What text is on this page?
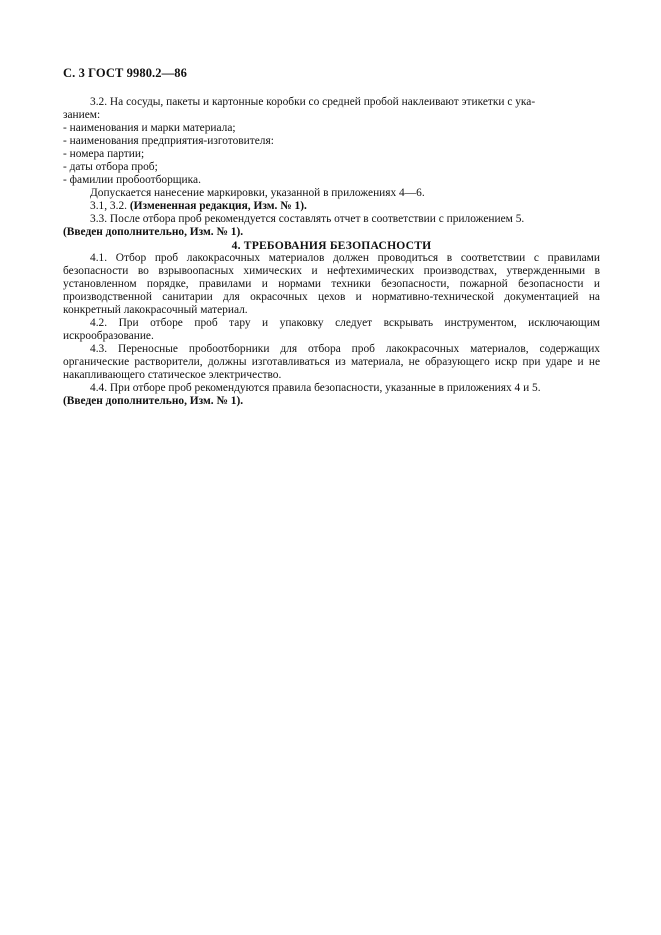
С. 3 ГОСТ 9980.2—86

3.2. На сосуды, пакеты и картонные коробки со средней пробой наклеивают этикетки с ука-

занием:

- наименования и марки материала;

- наименования предприятия-изготовителя:

- номера партии;

- даты отбора проб;

- фамилии пробоотборщика.

Допускается нанесение маркировки, указанной в приложениях 4—6.

3.1, 3.2. (Измененная редакция, Изм. № 1).

3.3. После отбора проб рекомендуется составлять отчет в соответствии с приложением 5.

(Введен дополнительно, Изм. № 1).

4. ТРЕБОВАНИЯ БЕЗОПАСНОСТИ

4.1. Отбор проб лакокрасочных материалов должен проводиться в соответствии с правилами безопасности во взрывоопасных химических и нефтехимических производствах, утвержденными в установленном порядке, правилами и нормами техники безопасности, пожарной безопасности и производственной санитарии для окрасочных цехов и нормативно-технической документацией на конкретный лакокрасочный материал.

4.2. При отборе проб тару и упаковку следует вскрывать инструментом, исключающим искрообразование.

4.3. Переносные пробоотборники для отбора проб лакокрасочных материалов, содержащих органические растворители, должны изготавливаться из материала, не образующего искр при ударе и не накапливающего статическое электричество.

4.4. При отборе проб рекомендуются правила безопасности, указанные в приложениях 4 и 5.

(Введен дополнительно, Изм. № 1).
